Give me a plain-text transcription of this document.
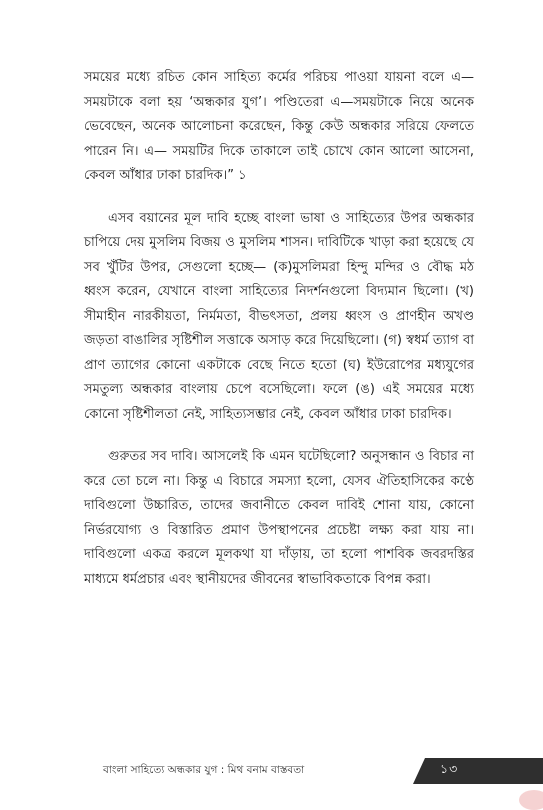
সময়ের মধ্যে রচিত কোন সাহিত্য কর্মের পরিচয় পাওয়া যায়না বলে এ—সময়টাকে বলা হয় ‘অন্ধকার যুগ’। পণ্ডিতেরা এ—সময়টাকে নিয়ে অনেক ভেবেছেন, অনেক আলোচনা করেছেন, কিন্তু কেউ অন্ধকার সরিয়ে ফেলতে পারেন নি। এ— সময়টির দিকে তাকালে তাই চোখে কোন আলো আসেনা, কেবল আঁধার ঢাকা চারদিক।” ১

এসব বয়ানের মূল দাবি হচ্ছে বাংলা ভাষা ও সাহিত্যের উপর অন্ধকার চাপিয়ে দেয় মুসলিম বিজয় ও মুসলিম শাসন। দাবিটিকে খাড়া করা হয়েছে যে সব খুঁটির উপর, সেগুলো হচ্ছে— (ক)মুসলিমরা হিন্দু মন্দির ও বৌদ্ধ মঠ ধ্বংস করেন, যেখানে বাংলা সাহিত্যের নিদর্শনগুলো বিদ্যমান ছিলো। (খ) সীমাহীন নারকীয়তা, নির্মমতা, বীভৎসতা, প্রলয় ধ্বংস ও প্রাণহীন অখণ্ড জড়তা বাঙালির সৃষ্টিশীল সত্তাকে অসাড় করে দিয়েছিলো। (গ) স্বধর্ম ত্যাগ বা প্রাণ ত্যাগের কোনো একটাকে বেছে নিতে হতো (ঘ) ইউরোপের মধ্যযুগের সমতুল্য অন্ধকার বাংলায় চেপে বসেছিলো। ফলে (ঙ) এই সময়ের মধ্যে কোনো সৃষ্টিশীলতা নেই, সাহিত্যসম্ভার নেই, কেবল আঁধার ঢাকা চারদিক।

গুরুতর সব দাবি। আসলেই কি এমন ঘটেছিলো? অনুসন্ধান ও বিচার না করে তো চলে না। কিন্তু এ বিচারে সমস্যা হলো, যেসব ঐতিহাসিকের কণ্ঠে দাবিগুলো উচ্চারিত, তাদের জবানীতে কেবল দাবিই শোনা যায়, কোনো নির্ভরযোগ্য ও বিস্তারিত প্রমাণ উপস্থাপনের প্রচেষ্টা লক্ষ্য করা যায় না। দাবিগুলো একত্র করলে মূলকথা যা দাঁড়ায়, তা হলো পাশবিক জবরদস্তির মাধ্যমে ধর্মপ্রচার এবং স্থানীয়দের জীবনের স্বাভাবিকতাকে বিপন্ন করা।

বাংলা সাহিত্যে অন্ধকার যুগ : মিথ বনাম বাস্তবতা	১৩
